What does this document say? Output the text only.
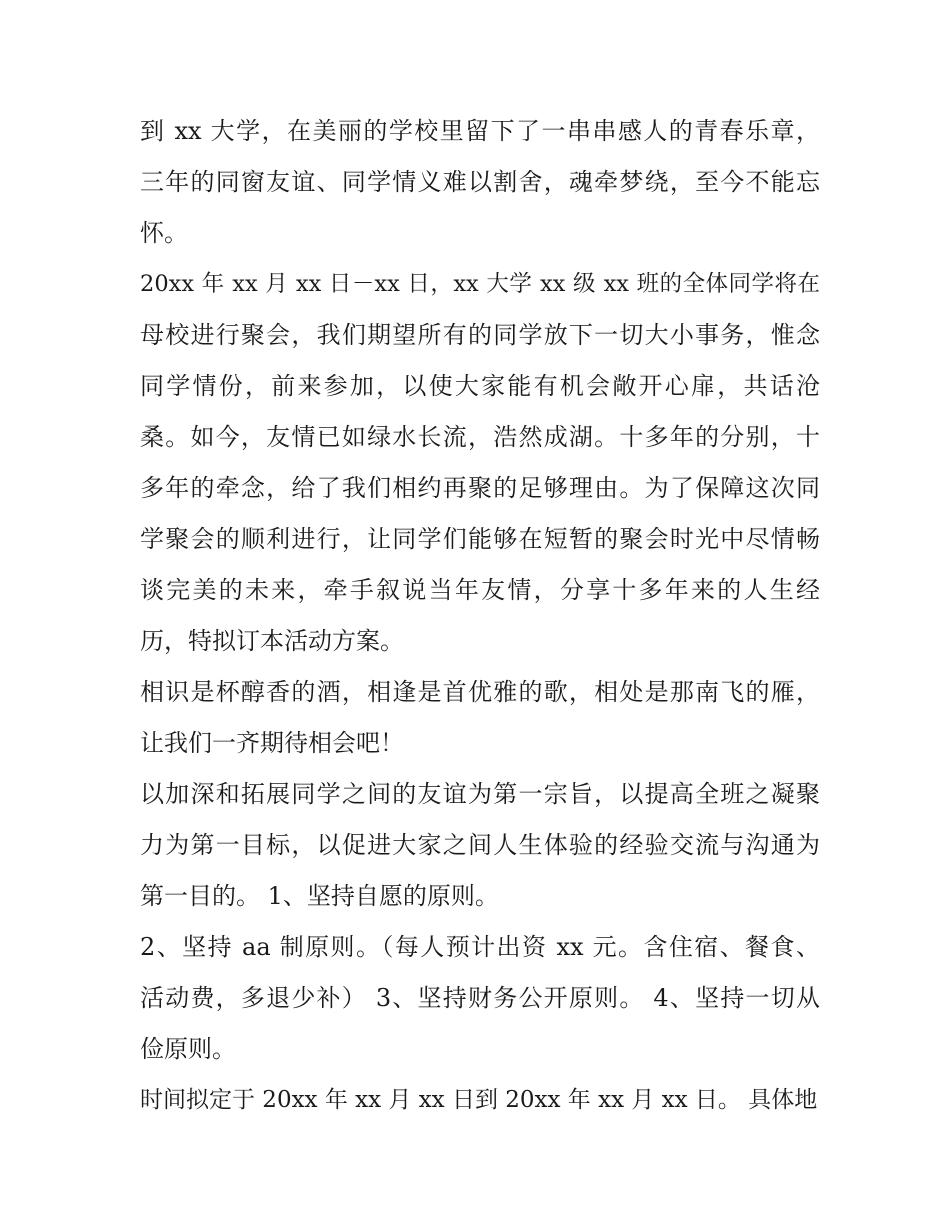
到 xx 大学，在美丽的学校里留下了一串串感人的青春乐章，
三年的同窗友谊、同学情义难以割舍，魂牵梦绕，至今不能忘
怀。
20xx 年 xx 月 xx 日－xx 日，xx 大学 xx 级 xx 班的全体同学将在
母校进行聚会，我们期望所有的同学放下一切大小事务，惟念
同学情份，前来参加，以使大家能有机会敞开心扉，共话沧
桑。如今，友情已如绿水长流，浩然成湖。十多年的分别，十
多年的牵念，给了我们相约再聚的足够理由。为了保障这次同
学聚会的顺利进行，让同学们能够在短暂的聚会时光中尽情畅
谈完美的未来，牵手叙说当年友情，分享十多年来的人生经
历，特拟订本活动方案。
相识是杯醇香的酒，相逢是首优雅的歌，相处是那南飞的雁，
让我们一齐期待相会吧！
以加深和拓展同学之间的友谊为第一宗旨，以提高全班之凝聚
力为第一目标，以促进大家之间人生体验的经验交流与沟通为
第一目的。 1、坚持自愿的原则。
2、坚持 aa 制原则。（每人预计出资 xx 元。含住宿、餐食、
活动费，多退少补） 3、坚持财务公开原则。 4、坚持一切从
俭原则。
时间拟定于 20xx 年 xx 月 xx 日到 20xx 年 xx 月 xx 日。 具体地
